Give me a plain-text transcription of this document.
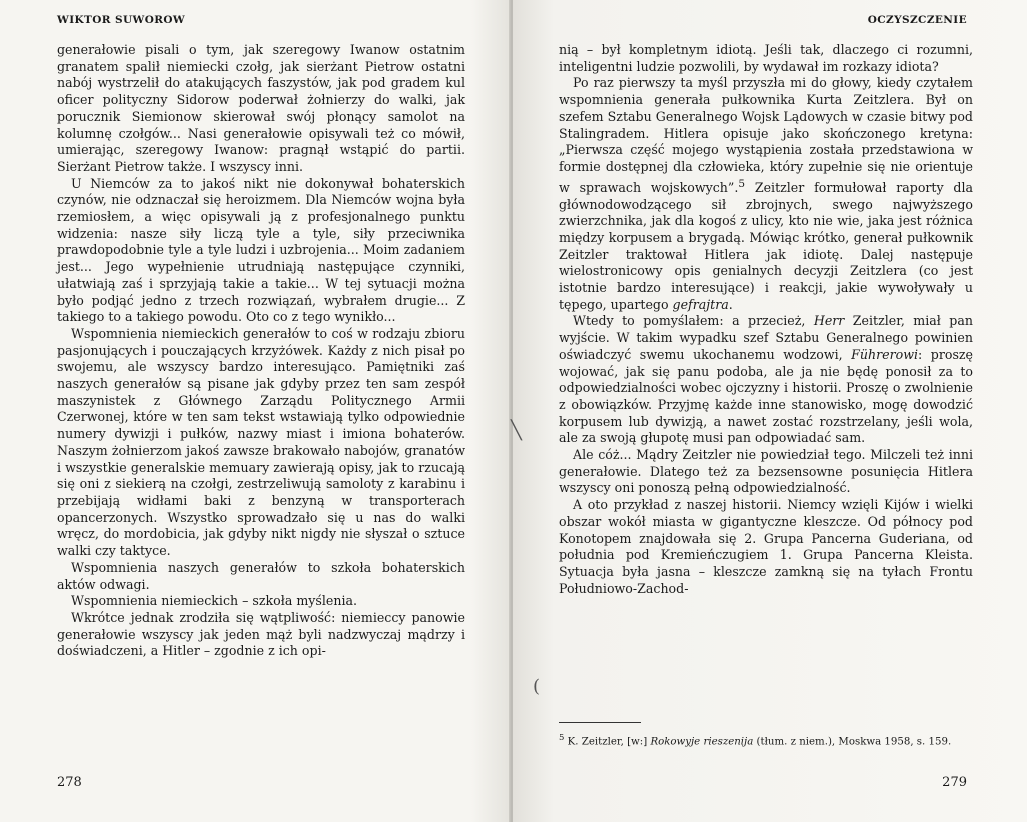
WIKTOR SUWOROW

generałowie pisali o tym, jak szeregowy Iwanow ostatnim granatem spalił niemiecki czołg, jak sierżant Pietrow ostatni nabój wystrzelił do atakujących faszystów, jak pod gradem kul oficer polityczny Sidorow poderwał żołnierzy do walki, jak porucznik Siemionow skierował swój płonący samolot na kolumnę czołgów... Nasi generałowie opisywali też co mówił, umierając, szeregowy Iwanow: pragnął wstąpić do partii. Sierżant Pietrow także. I wszyscy inni.

U Niemców za to jakoś nikt nie dokonywał bohaterskich czynów, nie odznaczał się heroizmem. Dla Niemców wojna była rzemiosłem, a więc opisywali ją z profesjonalnego punktu widzenia: nasze siły liczą tyle a tyle, siły przeciwnika prawdopodobnie tyle a tyle ludzi i uzbrojenia... Moim zadaniem jest... Jego wypełnienie utrudniają następujące czynniki, ułatwiają zaś i sprzyjają takie a takie... W tej sytuacji można było podjąć jedno z trzech rozwiązań, wybrałem drugie... Z takiego to a takiego powodu. Oto co z tego wynikło...

Wspomnienia niemieckich generałów to coś w rodzaju zbioru pasjonujących i pouczających krzyżówek. Każdy z nich pisał po swojemu, ale wszyscy bardzo interesująco. Pamiętniki zaś naszych generałów są pisane jak gdyby przez ten sam zespół maszynistek z Głównego Zarządu Politycznego Armii Czerwonej, które w ten sam tekst wstawiają tylko odpowiednie numery dywizji i pułków, nazwy miast i imiona bohaterów. Naszym żołnierzom jakoś zawsze brakowało nabojów, granatów i wszystkie generalskie memuary zawierają opisy, jak to rzucają się oni z siekierą na czołgi, zestrzeliwują samoloty z karabinu i przebijają widłami baki z benzyną w transporterach opancerzonych. Wszystko sprowadzało się u nas do walki wręcz, do mordobicia, jak gdyby nikt nigdy nie słyszał o sztuce walki czy taktyce.

Wspomnienia naszych generałów to szkoła bohaterskich aktów odwagi.

Wspomnienia niemieckich – szkoła myślenia.

Wkrótce jednak zrodziła się wątpliwość: niemieccy panowie generałowie wszyscy jak jeden mąż byli nadzwyczaj mądrzy i doświadczeni, a Hitler – zgodnie z ich opi-

278
OCZYSZCZENIE

nią – był kompletnym idiotą. Jeśli tak, dlaczego ci rozumni, inteligentni ludzie pozwolili, by wydawał im rozkazy idiota?

Po raz pierwszy ta myśl przyszła mi do głowy, kiedy czytałem wspomnienia generała pułkownika Kurta Zeitzlera. Był on szefem Sztabu Generalnego Wojsk Lądowych w czasie bitwy pod Stalingradem. Hitlera opisuje jako skończonego kretyna: „Pierwsza część mojego wystąpienia została przedstawiona w formie dostępnej dla człowieka, który zupełnie się nie orientuje w sprawach wojskowych”.$^5$ Zeitzler formułował raporty dla głównodowodzącego sił zbrojnych, swego najwyższego zwierzchnika, jak dla kogoś z ulicy, kto nie wie, jaka jest różnica między korpusem a brygadą. Mówiąc krótko, generał pułkownik Zeitzler traktował Hitlera jak idiotę. Dalej następuje wielostronicowy opis genialnych decyzji Zeitzlera (co jest istotnie bardzo interesujące) i reakcji, jakie wywoływały u tępego, upartego gefrajtra.

Wtedy to pomyślałem: a przecież, Herr Zeitzler, miał pan wyjście. W takim wypadku szef Sztabu Generalnego powinien oświadczyć swemu ukochanemu wodzowi, Führerowi: proszę wojować, jak się panu podoba, ale ja nie będę ponosił za to odpowiedzialności wobec ojczyzny i historii. Proszę o zwolnienie z obowiązków. Przyjmę każde inne stanowisko, mogę dowodzić korpusem lub dywizją, a nawet zostać rozstrzelany, jeśli wola, ale za swoją głupotę musi pan odpowiadać sam.

Ale cóż... Mądry Zeitzler nie powiedział tego. Milczeli też inni generałowie. Dlatego też za bezsensowne posunięcia Hitlera wszyscy oni ponoszą pełną odpowiedzialność.

A oto przykład z naszej historii. Niemcy wzięli Kijów i wielki obszar wokół miasta w gigantyczne kleszcze. Od północy pod Konotopem znajdowała się 2. Grupa Pancerna Guderiana, od południa pod Kremieńczugiem 1. Grupa Pancerna Kleista. Sytuacja była jasna – kleszcze zamkną się na tyłach Frontu Południowo-Zachod-

$^5$ K. Zeitzler, [w:] Rokowyje rieszenija (tłum. z niem.), Moskwa 1958, s. 159.
279
╲
(
